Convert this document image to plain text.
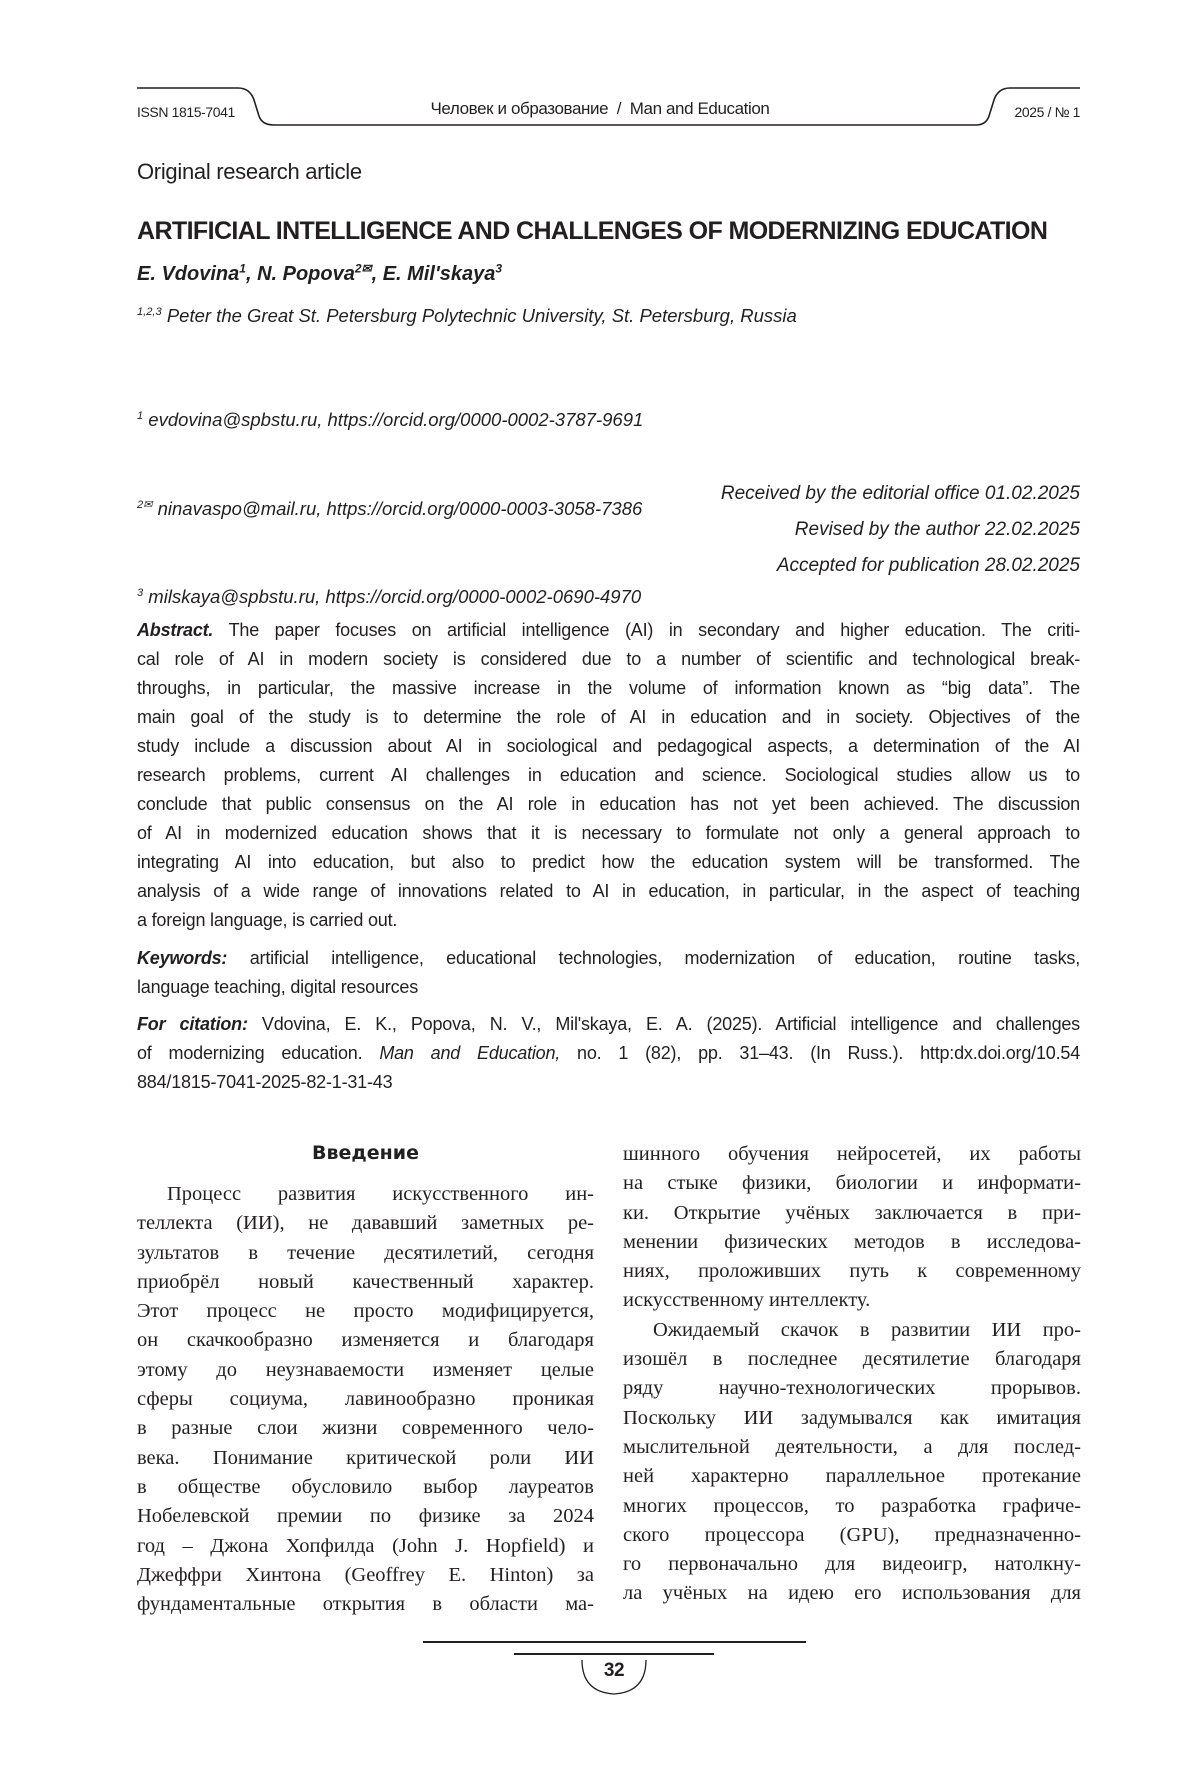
ISSN 1815-7041	Человек и образование  /  Man and Education	2025 / № 1
Original research article
ARTIFICIAL INTELLIGENCE AND CHALLENGES OF MODERNIZING EDUCATION
E. Vdovina1, N. Popova2✉, E. Mil'skaya3
1,2,3 Peter the Great St. Petersburg Polytechnic University, St. Petersburg, Russia

1 evdovina@spbstu.ru, https://orcid.org/0000-0002-3787-9691

2✉ ninavaspo@mail.ru, https://orcid.org/0000-0003-3058-7386

3 milskaya@spbstu.ru, https://orcid.org/0000-0002-0690-4970

Received by the editorial office 01.02.2025
Revised by the author 22.02.2025
Accepted for publication 28.02.2025
Abstract. The paper focuses on artificial intelligence (AI) in secondary and higher education. The criti-
cal role of AI in modern society is considered due to a number of scientific and technological break-
throughs, in particular, the massive increase in the volume of information known as “big data”. The
main goal of the study is to determine the role of AI in education and in society. Objectives of the
study include a discussion about AI in sociological and pedagogical aspects, a determination of the AI
research problems, current AI challenges in education and science. Sociological studies allow us to
conclude that public consensus on the AI role in education has not yet been achieved. The discussion
of AI in modernized education shows that it is necessary to formulate not only a general approach to
integrating AI into education, but also to predict how the education system will be transformed. The
analysis of a wide range of innovations related to AI in education, in particular, in the aspect of teaching
a foreign language, is carried out.
Keywords: artificial intelligence, educational technologies, modernization of education, routine tasks,
language teaching, digital resources
For citation: Vdovina, E. K., Popova, N. V., Mil'skaya, E. A. (2025). Artificial intelligence and challenges
of modernizing education. Man and Education, no. 1 (82), pp. 31–43. (In Russ.). http:dx.doi.org/10.54
884/1815-7041-2025-82-1-31-43
Введение
Процесс развития искусственного ин-
теллекта (ИИ), не дававший заметных ре-
зультатов в течение десятилетий, сегодня
приобрёл новый качественный характер.
Этот процесс не просто модифицируется,
он скачкообразно изменяется и благодаря
этому до неузнаваемости изменяет целые
сферы социума, лавинообразно проникая
в разные слои жизни современного чело-
века. Понимание критической роли ИИ
в обществе обусловило выбор лауреатов
Нобелевской премии по физике за 2024
год – Джона Хопфилда (John J. Hopfield) и
Джеффри Хинтона (Geoffrey E. Hinton) за
фундаментальные открытия в области ма-
шинного обучения нейросетей, их работы
на стыке физики, биологии и информати-
ки. Открытие учёных заключается в при-
менении физических методов в исследова-
ниях, проложивших путь к современному
искусственному интеллекту.
Ожидаемый скачок в развитии ИИ про-
изошёл в последнее десятилетие благодаря
ряду научно-технологических прорывов.
Поскольку ИИ задумывался как имитация
мыслительной деятельности, а для послед-
ней характерно параллельное протекание
многих процессов, то разработка графиче-
ского процессора (GPU), предназначенно-
го первоначально для видеоигр, натолкну-
ла учёных на идею его использования для
32
